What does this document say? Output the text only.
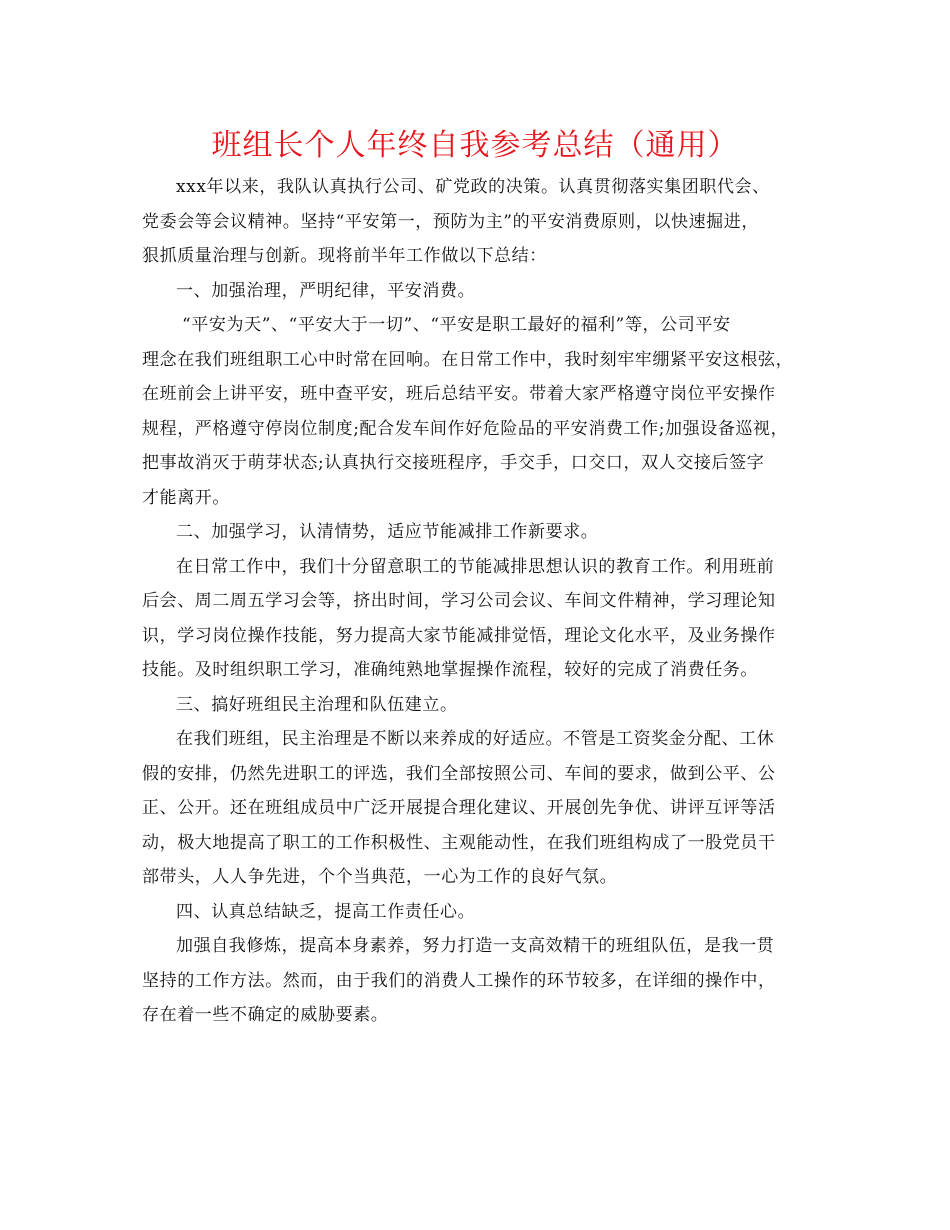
班组长个人年终自我参考总结（通用）
xxx年以来，我队认真执行公司、矿党政的决策。认真贯彻落实集团职代会、
党委会等会议精神。坚持“平安第一，预防为主”的平安消费原则，以快速掘进，
狠抓质量治理与创新。现将前半年工作做以下总结：
一、加强治理，严明纪律，平安消费。
“平安为天”、“平安大于一切”、“平安是职工最好的福利”等，公司平安
理念在我们班组职工心中时常在回响。在日常工作中，我时刻牢牢绷紧平安这根弦，
在班前会上讲平安，班中查平安，班后总结平安。带着大家严格遵守岗位平安操作
规程，严格遵守停岗位制度;配合发车间作好危险品的平安消费工作;加强设备巡视，
把事故消灭于萌芽状态;认真执行交接班程序，手交手，口交口，双人交接后签字
才能离开。
二、加强学习，认清情势，适应节能减排工作新要求。
在日常工作中，我们十分留意职工的节能减排思想认识的教育工作。利用班前
后会、周二周五学习会等，挤出时间，学习公司会议、车间文件精神，学习理论知
识，学习岗位操作技能，努力提高大家节能减排觉悟，理论文化水平，及业务操作
技能。及时组织职工学习，准确纯熟地掌握操作流程，较好的完成了消费任务。
三、搞好班组民主治理和队伍建立。
在我们班组，民主治理是不断以来养成的好适应。不管是工资奖金分配、工休
假的安排，仍然先进职工的评选，我们全部按照公司、车间的要求，做到公平、公
正、公开。还在班组成员中广泛开展提合理化建议、开展创先争优、讲评互评等活
动，极大地提高了职工的工作积极性、主观能动性，在我们班组构成了一股党员干
部带头，人人争先进，个个当典范，一心为工作的良好气氛。
四、认真总结缺乏，提高工作责任心。
加强自我修炼，提高本身素养，努力打造一支高效精干的班组队伍，是我一贯
坚持的工作方法。然而，由于我们的消费人工操作的环节较多，在详细的操作中，
存在着一些不确定的威胁要素。
